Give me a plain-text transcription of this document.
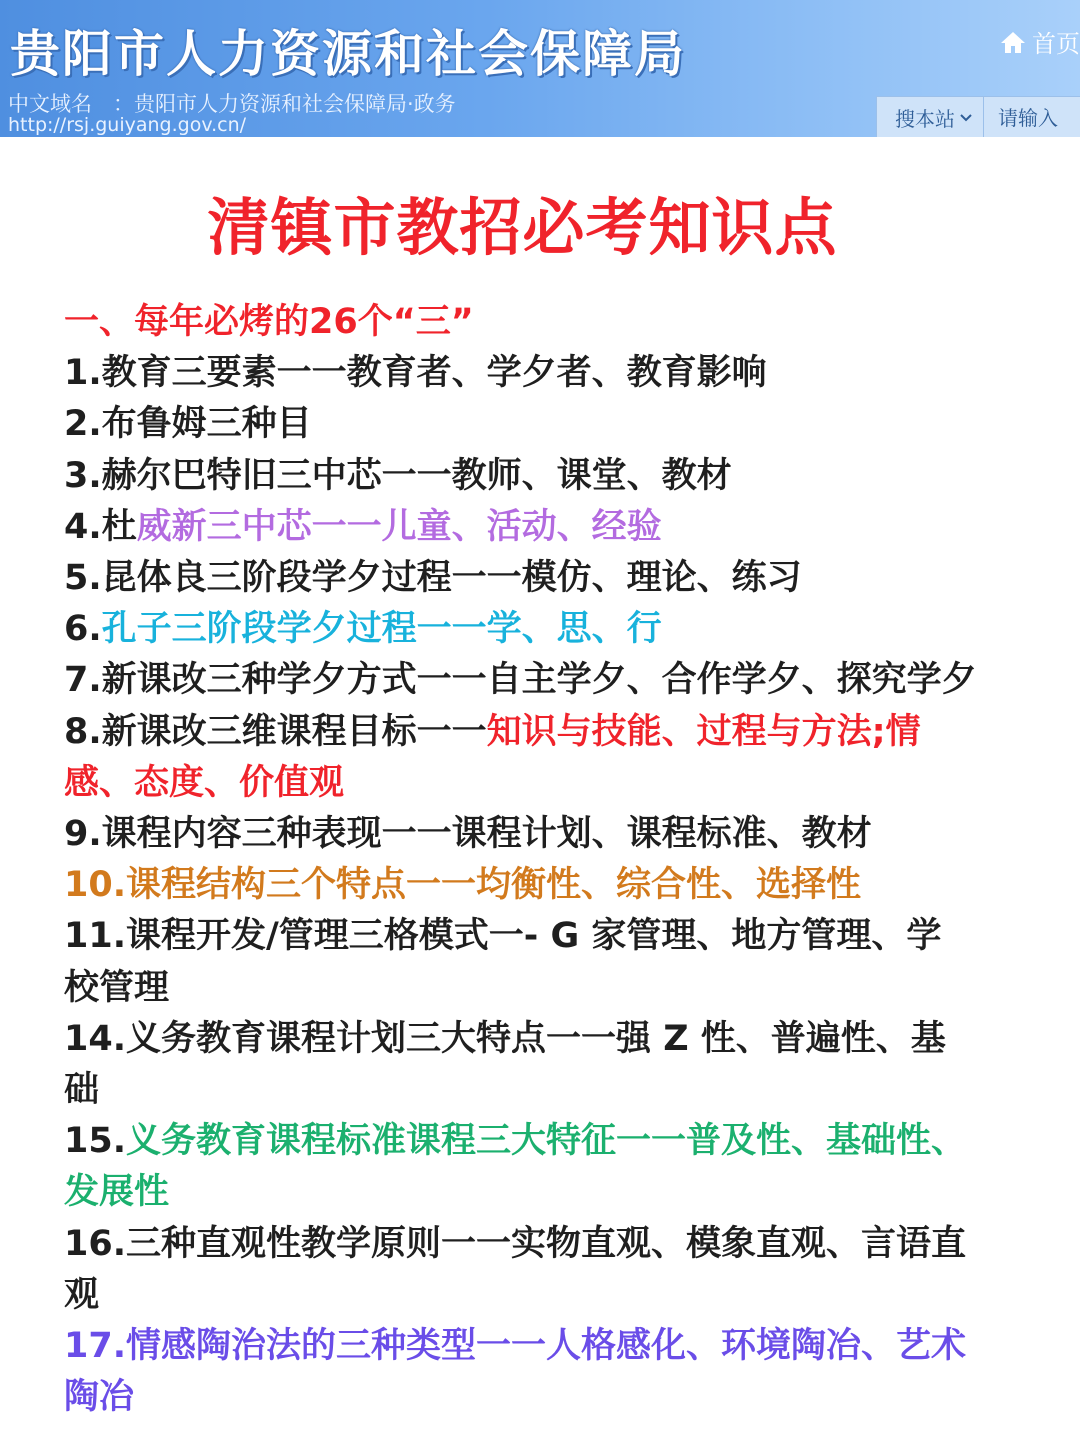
贵阳市人力资源和社会保障局
中文域名　：贵阳市人力资源和社会保障局·政务
http://rsj.guiyang.gov.cn/
首页
搜本站
请输入
清镇市教招必考知识点
一、每年必烤的26个“三”
1.教育三要素一一教育者、学夕者、教育影响
2.布鲁姆三种目
3.赫尔巴特旧三中芯一一教师、课堂、教材
4.杜威新三中芯一一儿童、活动、经验
5.昆体良三阶段学夕过程一一模仿、理论、练习
6.孔子三阶段学夕过程一一学、思、行
7.新课改三种学夕方式一一自主学夕、合作学夕、探究学夕
8.新课改三维课程目标一一知识与技能、过程与方法;情
感、态度、价值观
9.课程内容三种表现一一课程计划、课程标准、教材
10.课程结构三个特点一一均衡性、综合性、选择性
11.课程开发/管理三格模式一- G 家管理、地方管理、学
校管理
14.义务教育课程计划三大特点一一强 Z 性、普遍性、基
础
15.义务教育课程标准课程三大特征一一普及性、基础性、
发展性
16.三种直观性教学原则一一实物直观、模象直观、言语直
观
17.情感陶治法的三种类型一一人格感化、环境陶冶、艺术
陶冶
